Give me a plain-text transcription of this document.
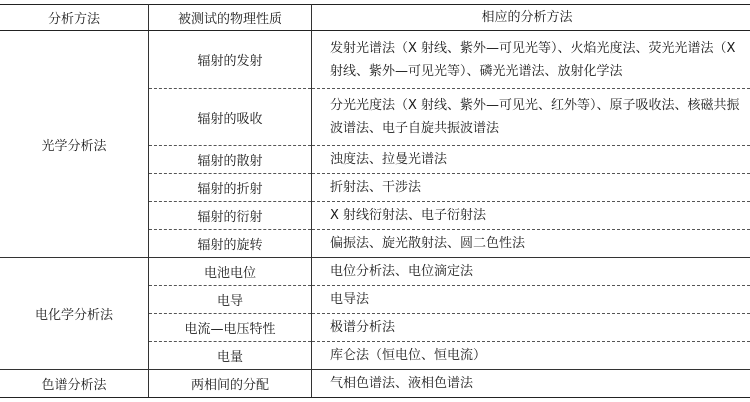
分析方法	被测试的物理性质	相应的分析方法
光学分析法	辐射的发射	发射光谱法（X 射线、紫外—可见光等）、火焰光度法、荧光光谱法（X 射线、紫外—可见光等）、磷光光谱法、放射化学法
	辐射的吸收	分光光度法（X 射线、紫外—可见光、红外等）、原子吸收法、核磁共振波谱法、电子自旋共振波谱法
	辐射的散射	浊度法、拉曼光谱法
	辐射的折射	折射法、干涉法
	辐射的衍射	X 射线衍射法、电子衍射法
	辐射的旋转	偏振法、旋光散射法、圆二色性法
电化学分析法	电池电位	电位分析法、电位滴定法
	电导	电导法
	电流—电压特性	极谱分析法
	电量	库仑法（恒电位、恒电流）
色谱分析法	两相间的分配	气相色谱法、液相色谱法
